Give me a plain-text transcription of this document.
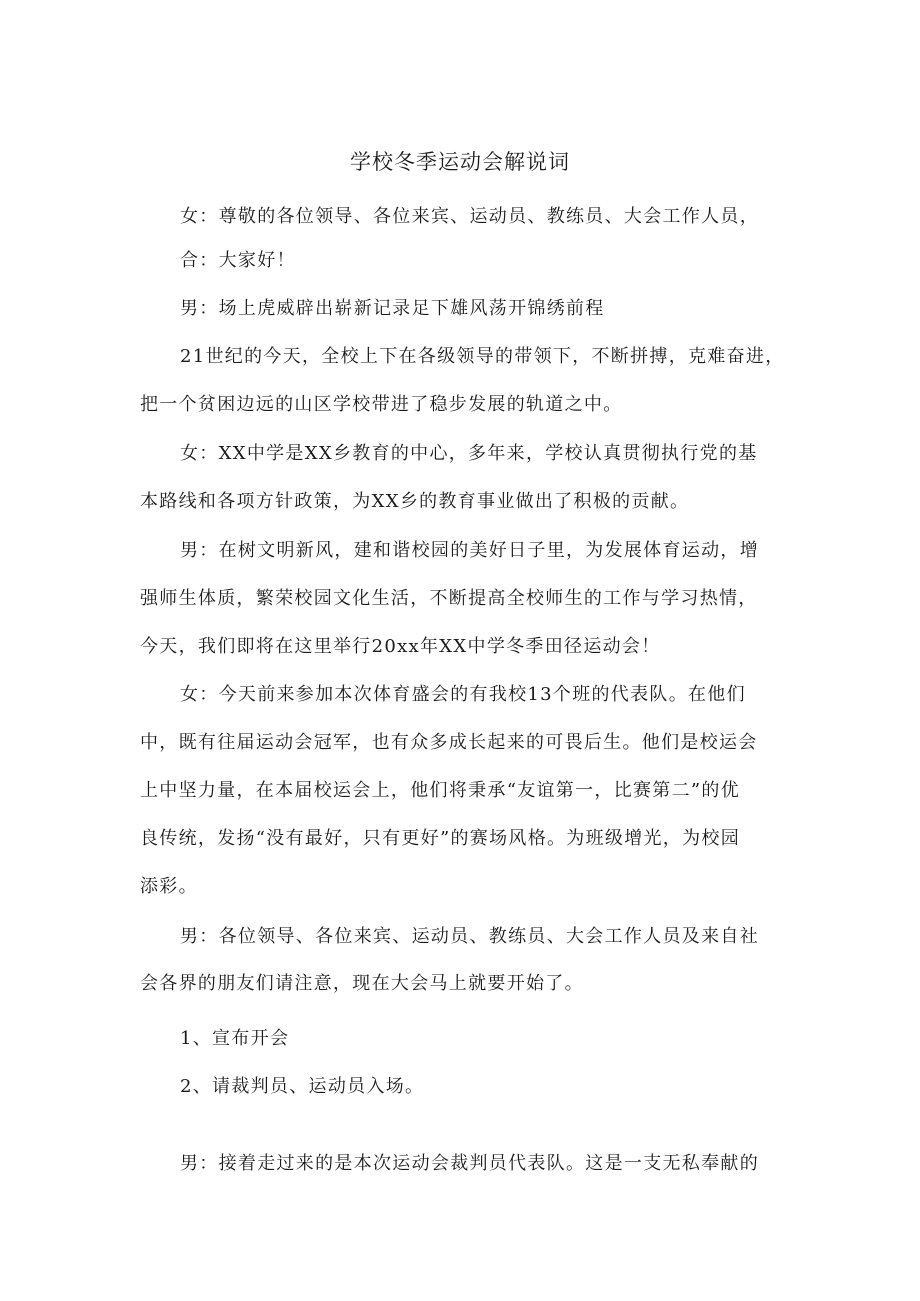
学校冬季运动会解说词
女：尊敬的各位领导、各位来宾、运动员、教练员、大会工作人员，
合：大家好！
男：场上虎威辟出崭新记录足下雄风荡开锦绣前程
21世纪的今天，全校上下在各级领导的带领下，不断拼搏，克难奋进，
把一个贫困边远的山区学校带进了稳步发展的轨道之中。
女：XX中学是XX乡教育的中心，多年来，学校认真贯彻执行党的基
本路线和各项方针政策，为XX乡的教育事业做出了积极的贡献。
男：在树文明新风，建和谐校园的美好日子里，为发展体育运动，增
强师生体质，繁荣校园文化生活，不断提高全校师生的工作与学习热情，
今天，我们即将在这里举行20xx年XX中学冬季田径运动会！
女：今天前来参加本次体育盛会的有我校13个班的代表队。在他们
中，既有往届运动会冠军，也有众多成长起来的可畏后生。他们是校运会
上中坚力量，在本届校运会上，他们将秉承“友谊第一，比赛第二”的优
良传统，发扬“没有最好，只有更好”的赛场风格。为班级增光，为校园
添彩。
男：各位领导、各位来宾、运动员、教练员、大会工作人员及来自社
会各界的朋友们请注意，现在大会马上就要开始了。
1、宣布开会
2、请裁判员、运动员入场。
男：接着走过来的是本次运动会裁判员代表队。这是一支无私奉献的
